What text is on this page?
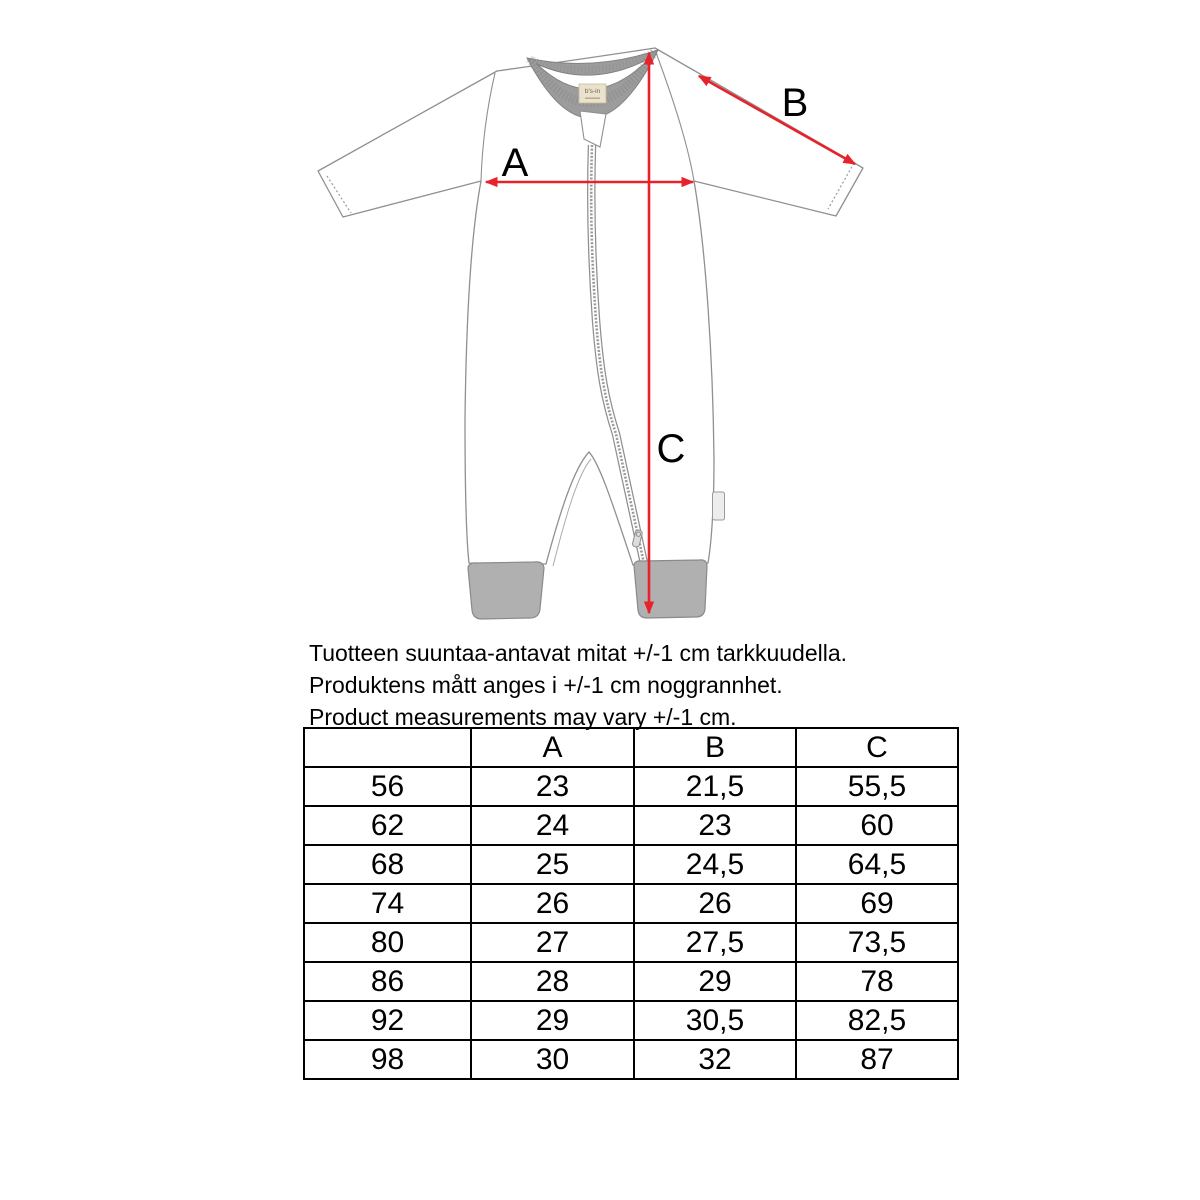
b's-in
A
B
C
Tuotteen suuntaa-antavat mitat +/-1 cm tarkkuudella.
Produktens mått anges i +/-1 cm noggrannhet.
Product measurements may vary +/-1 cm.
	A	B	C
56	23	21,5	55,5
62	24	23	60
68	25	24,5	64,5
74	26	26	69
80	27	27,5	73,5
86	28	29	78
92	29	30,5	82,5
98	30	32	87
